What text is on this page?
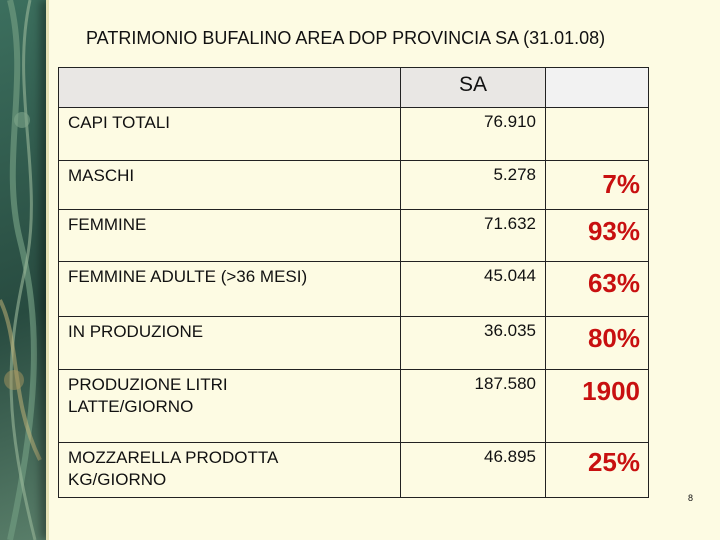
PATRIMONIO BUFALINO AREA DOP PROVINCIA SA (31.01.08)

	SA	

CAPI TOTALI	76.910	

MASCHI	5.278	7%

FEMMINE	71.632	93%

FEMMINE ADULTE (>36 MESI)	45.044	63%

IN PRODUZIONE	36.035	80%

PRODUZIONE LITRI LATTE/GIORNO	187.580	1900

MOZZARELLA PRODOTTA KG/GIORNO	46.895	25%
8
